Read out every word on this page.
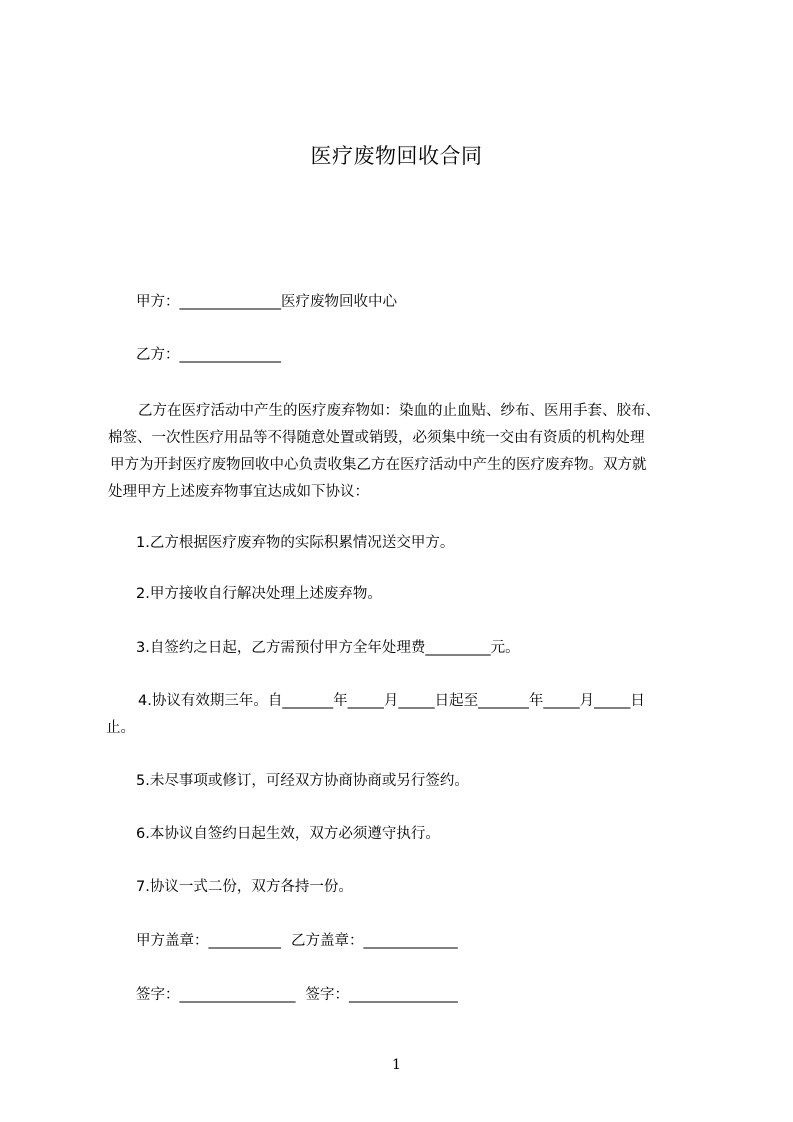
医疗废物回收合同
甲方：______________医疗废物回收中心
乙方：______________
乙方在医疗活动中产生的医疗废弃物如：染血的止血贴、纱布、医用手套、胶布、
棉签、一次性医疗用品等不得随意处置或销毁，必须集中统一交由有资质的机构处理
甲方为开封医疗废物回收中心负责收集乙方在医疗活动中产生的医疗废弃物。双方就
处理甲方上述废弃物事宜达成如下协议：
1.乙方根据医疗废弃物的实际积累情况送交甲方。
2.甲方接收自行解决处理上述废弃物。
3.自签约之日起，乙方需预付甲方全年处理费_________元。
4.协议有效期三年。自_______年_____月_____日起至_______年_____月_____日
止。
5.未尽事项或修订，可经双方协商协商或另行签约。
6.本协议自签约日起生效，双方必须遵守执行。
7.协议一式二份，双方各持一份。
甲方盖章：__________ 乙方盖章：_____________
签字：________________ 签字：_______________
1
